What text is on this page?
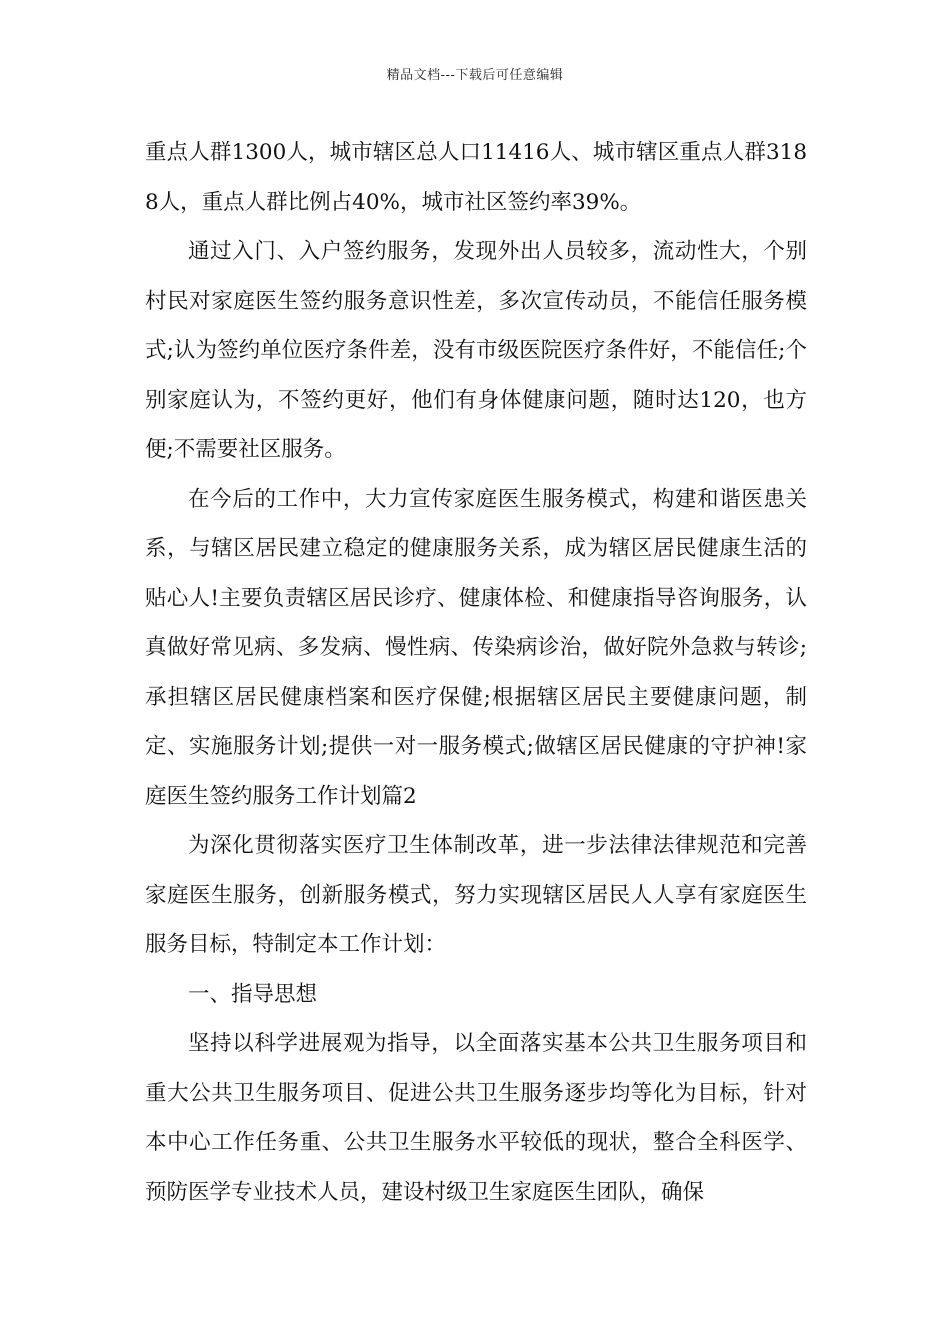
精品文档---下载后可任意编辑

重点人群1300人，城市辖区总人口11416人、城市辖区重点人群3188人，重点人群比例占40%，城市社区签约率39%。

通过入门、入户签约服务，发现外出人员较多，流动性大，个别村民对家庭医生签约服务意识性差，多次宣传动员，不能信任服务模式;认为签约单位医疗条件差，没有市级医院医疗条件好，不能信任;个别家庭认为，不签约更好，他们有身体健康问题，随时达120，也方便;不需要社区服务。

在今后的工作中，大力宣传家庭医生服务模式，构建和谐医患关系，与辖区居民建立稳定的健康服务关系，成为辖区居民健康生活的贴心人!主要负责辖区居民诊疗、健康体检、和健康指导咨询服务，认真做好常见病、多发病、慢性病、传染病诊治，做好院外急救与转诊;承担辖区居民健康档案和医疗保健;根据辖区居民主要健康问题，制定、实施服务计划;提供一对一服务模式;做辖区居民健康的守护神!家庭医生签约服务工作计划篇2

为深化贯彻落实医疗卫生体制改革，进一步法律法律规范和完善家庭医生服务，创新服务模式，努力实现辖区居民人人享有家庭医生服务目标，特制定本工作计划：

一、指导思想

坚持以科学进展观为指导，以全面落实基本公共卫生服务项目和重大公共卫生服务项目、促进公共卫生服务逐步均等化为目标，针对本中心工作任务重、公共卫生服务水平较低的现状，整合全科医学、预防医学专业技术人员，建设村级卫生家庭医生团队，确保
